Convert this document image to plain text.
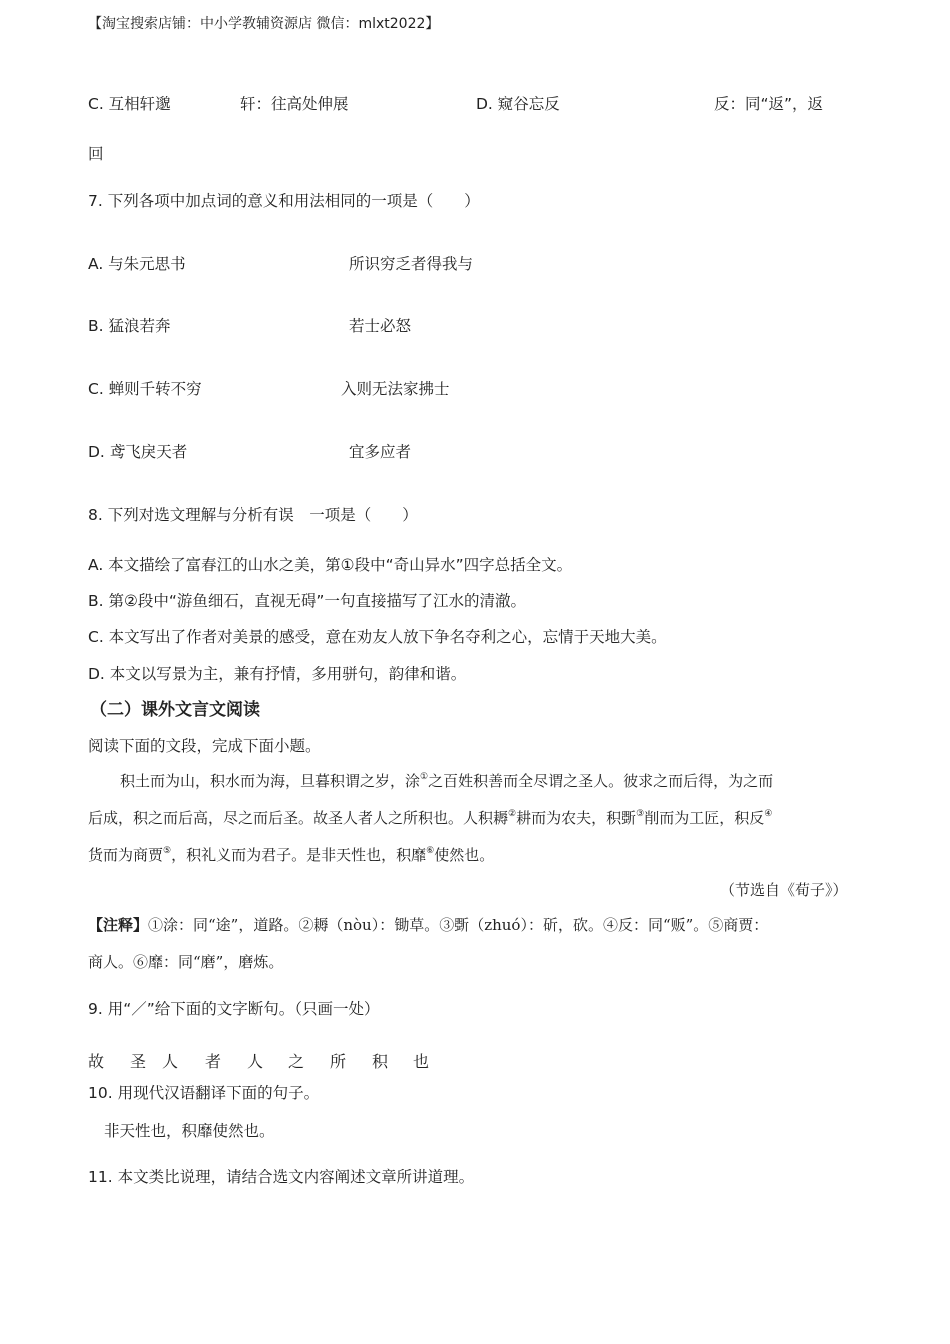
【淘宝搜索店铺：中小学教辅资源店 微信：mlxt2022】
C. 互相轩邈	轩：往高处伸展	D. 窥谷忘反	反：同“返”，返
回
7. 下列各项中加点词的意义和用法相同的一项是（　　）
A. 与朱元思书	所识穷乏者得我与
B. 猛浪若奔	若士必怒
C. 蝉则千转不穷	入则无法家拂士
D. 鸢飞戾天者	宜多应者
8. 下列对选文理解与分析有误　一项是（　　）
A. 本文描绘了富春江的山水之美，第①段中“奇山异水”四字总括全文。
B. 第②段中“游鱼细石，直视无碍”一句直接描写了江水的清澈。
C. 本文写出了作者对美景的感受，意在劝友人放下争名夺利之心，忘情于天地大美。
D. 本文以写景为主，兼有抒情，多用骈句，韵律和谐。
（二）课外文言文阅读
阅读下面的文段，完成下面小题。
积土而为山，积水而为海，旦暮积谓之岁，涂①之百姓积善而全尽谓之圣人。彼求之而后得，为之而
后成，积之而后高，尽之而后圣。故圣人者人之所积也。人积耨②耕而为农夫，积斲③削而为工匠，积反④
货而为商贾⑤，积礼义而为君子。是非天性也，积靡⑥使然也。
（节选自《荀子》）
【注释】①涂：同“途”，道路。②耨（nòu）：锄草。③斲（zhuó）：斫，砍。④反：同“贩”。⑤商贾：
商人。⑥靡：同“磨”，磨炼。
9. 用“／”给下面的文字断句。（只画一处）
故 圣 人 者 人 之 所 积 也
10. 用现代汉语翻译下面的句子。
非天性也，积靡使然也。
11. 本文类比说理，请结合选文内容阐述文章所讲道理。
